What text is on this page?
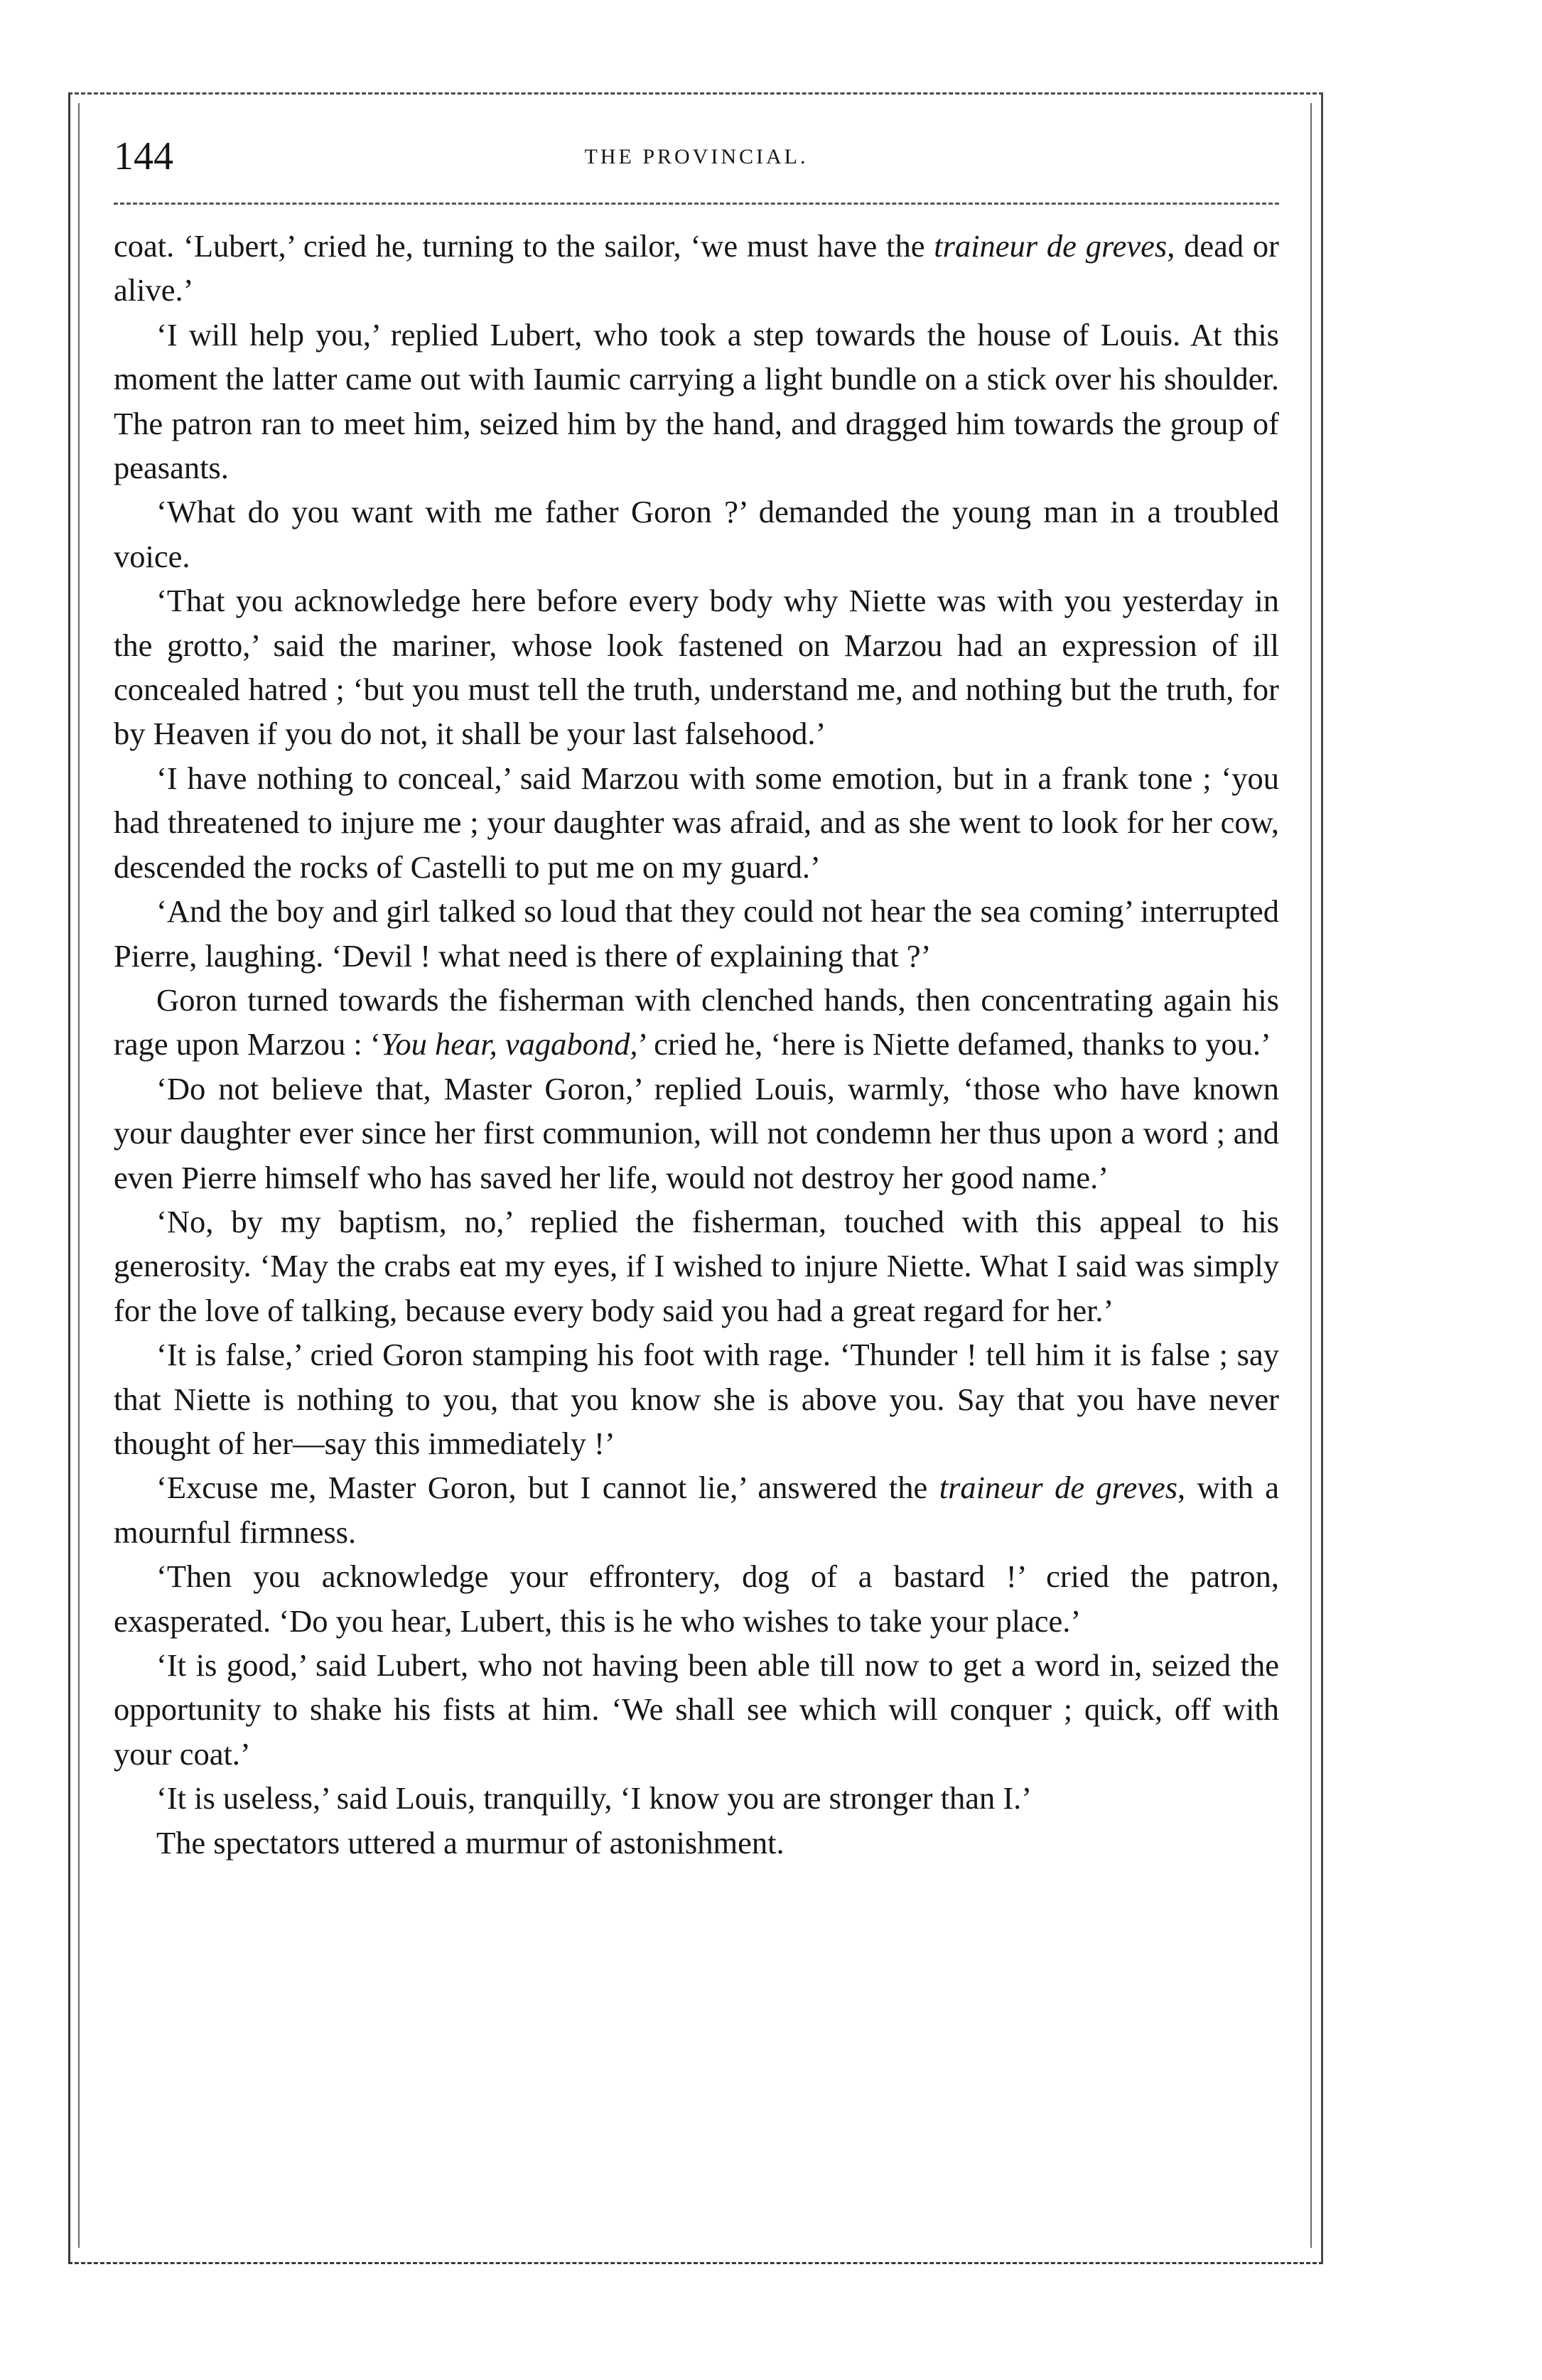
144	THE PROVINCIAL.

coat. ‘Lubert,’ cried he, turning to the sailor, ‘we must have the traineur de greves, dead or alive.’

‘I will help you,’ replied Lubert, who took a step towards the house of Louis. At this moment the latter came out with Iaumic carrying a light bundle on a stick over his shoulder. The patron ran to meet him, seized him by the hand, and dragged him towards the group of peasants.

‘What do you want with me father Goron ?’ demanded the young man in a troubled voice.

‘That you acknowledge here before every body why Niette was with you yesterday in the grotto,’ said the mariner, whose look fastened on Marzou had an expression of ill concealed hatred ; ‘but you must tell the truth, understand me, and nothing but the truth, for by Heaven if you do not, it shall be your last falsehood.’

‘I have nothing to conceal,’ said Marzou with some emotion, but in a frank tone ; ‘you had threatened to injure me ; your daughter was afraid, and as she went to look for her cow, descended the rocks of Castelli to put me on my guard.’

‘And the boy and girl talked so loud that they could not hear the sea coming’ interrupted Pierre, laughing. ‘Devil ! what need is there of explaining that ?’

Goron turned towards the fisherman with clenched hands, then concentrating again his rage upon Marzou : ‘You hear, vagabond,’ cried he, ‘here is Niette defamed, thanks to you.’

‘Do not believe that, Master Goron,’ replied Louis, warmly, ‘those who have known your daughter ever since her first communion, will not condemn her thus upon a word ; and even Pierre himself who has saved her life, would not destroy her good name.’

‘No, by my baptism, no,’ replied the fisherman, touched with this appeal to his generosity. ‘May the crabs eat my eyes, if I wished to injure Niette. What I said was simply for the love of talking, because every body said you had a great regard for her.’

‘It is false,’ cried Goron stamping his foot with rage. ‘Thunder ! tell him it is false ; say that Niette is nothing to you, that you know she is above you. Say that you have never thought of her—say this immediately !’

‘Excuse me, Master Goron, but I cannot lie,’ answered the traineur de greves, with a mournful firmness.

‘Then you acknowledge your effrontery, dog of a bastard !’ cried the patron, exasperated. ‘Do you hear, Lubert, this is he who wishes to take your place.’

‘It is good,’ said Lubert, who not having been able till now to get a word in, seized the opportunity to shake his fists at him. ‘We shall see which will conquer ; quick, off with your coat.’

‘It is useless,’ said Louis, tranquilly, ‘I know you are stronger than I.’

The spectators uttered a murmur of astonishment.
